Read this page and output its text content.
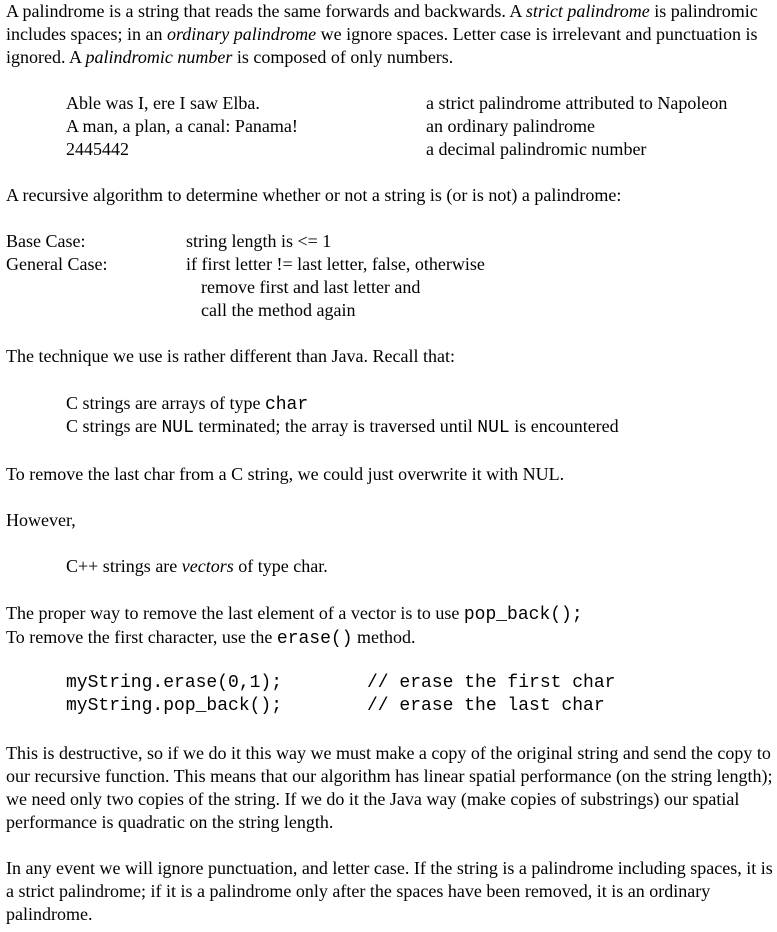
A palindrome is a string that reads the same forwards and backwards. A strict palindrome is palindromic includes spaces; in an ordinary palindrome we ignore spaces. Letter case is irrelevant and punctuation is ignored. A palindromic number is composed of only numbers.

Able was I, ere I saw Elba.	a strict palindrome attributed to Napoleon
A man, a plan, a canal: Panama!	an ordinary palindrome
2445442	a decimal palindromic number

A recursive algorithm to determine whether or not a string is (or is not) a palindrome:

Base Case:	string length is <= 1
General Case:	if first letter != last letter, false, otherwise
remove first and last letter and
call the method again

The technique we use is rather different than Java. Recall that:

C strings are arrays of type char
C strings are NUL terminated; the array is traversed until NUL is encountered

To remove the last char from a C string, we could just overwrite it with NUL.

However,

C++ strings are vectors of type char.
The proper way to remove the last element of a vector is to use pop_back();
To remove the first character, use the erase() method.
myString.erase(0,1);	// erase the first char
myString.pop_back();	// erase the last char

This is destructive, so if we do it this way we must make a copy of the original string and send the copy to our recursive function. This means that our algorithm has linear spatial performance (on the string length); we need only two copies of the string. If we do it the Java way (make copies of substrings) our spatial performance is quadratic on the string length.

In any event we will ignore punctuation, and letter case. If the string is a palindrome including spaces, it is a strict palindrome; if it is a palindrome only after the spaces have been removed, it is an ordinary palindrome.
